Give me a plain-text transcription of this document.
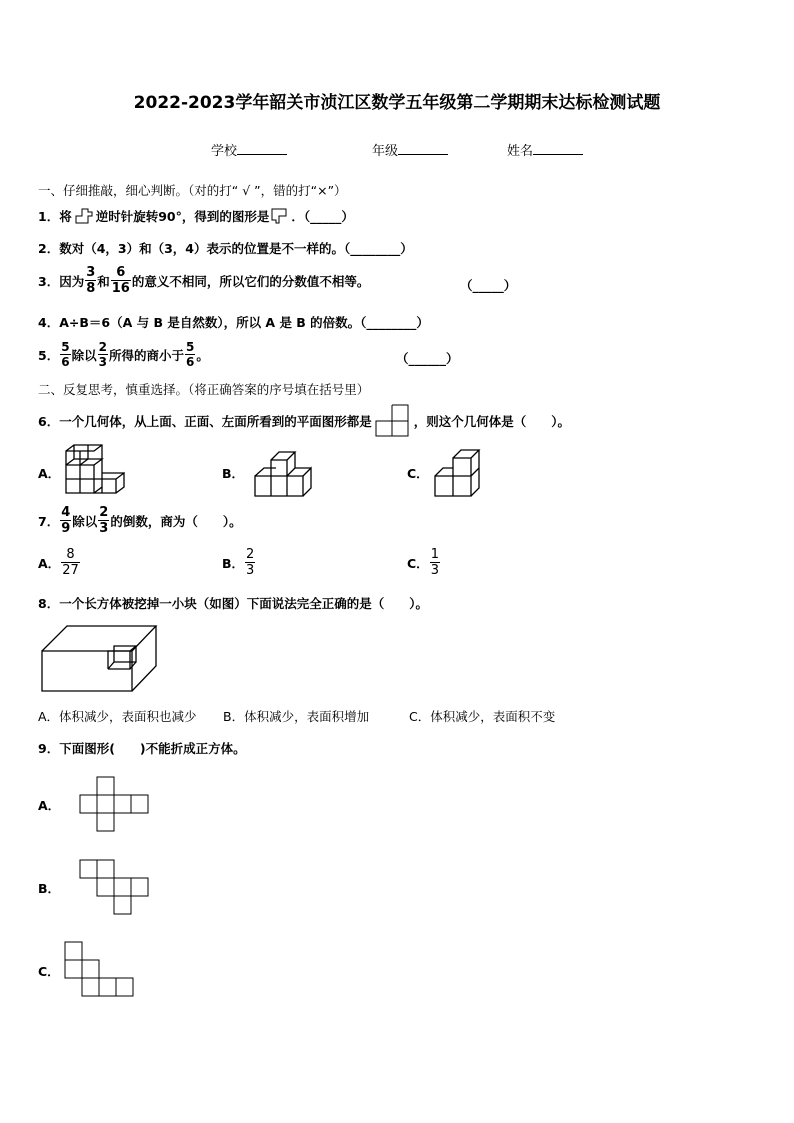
2022-2023学年韶关市浈江区数学五年级第二学期期末达标检测试题
学校	年级	姓名
一、仔细推敲，细心判断。（对的打“ √ ”，错的打“×”）
1． 将 逆时针旋转90°，得到的图形是 ．（_____）
2．数对（4，3）和（3，4）表示的位置是不一样的。（________）
3．因为 $\frac{3}{8}$ 和 $\frac{6}{16}$ 的意义不相同，所以它们的分数值不相等。	（_____）
4．A÷B＝6（A 与 B 是自然数），所以 A 是 B 的倍数。（________）
5． $\frac{5}{6}$ 除以 $\frac{2}{3}$ 所得的商小于 $\frac{5}{6}$ 。	（______）
二、反复思考，慎重选择。（将正确答案的序号填在括号里）
6．一个几何体，从上面、正面、左面所看到的平面图形都是	，则这个几何体是（　　）。
A．	B．	C．
7． $\frac{4}{9}$ 除以 $\frac{2}{3}$ 的倒数，商为（　　）。
A． $\frac{8}{27}$	B． $\frac{2}{3}$	C． $\frac{1}{3}$
8．一个长方体被挖掉一小块（如图）下面说法完全正确的是（　　）。
A．体积减少，表面积也减少 B．体积减少，表面积增加	C．体积减少，表面积不变
9．下面图形(　　)不能折成正方体。
A．
B．
C．
